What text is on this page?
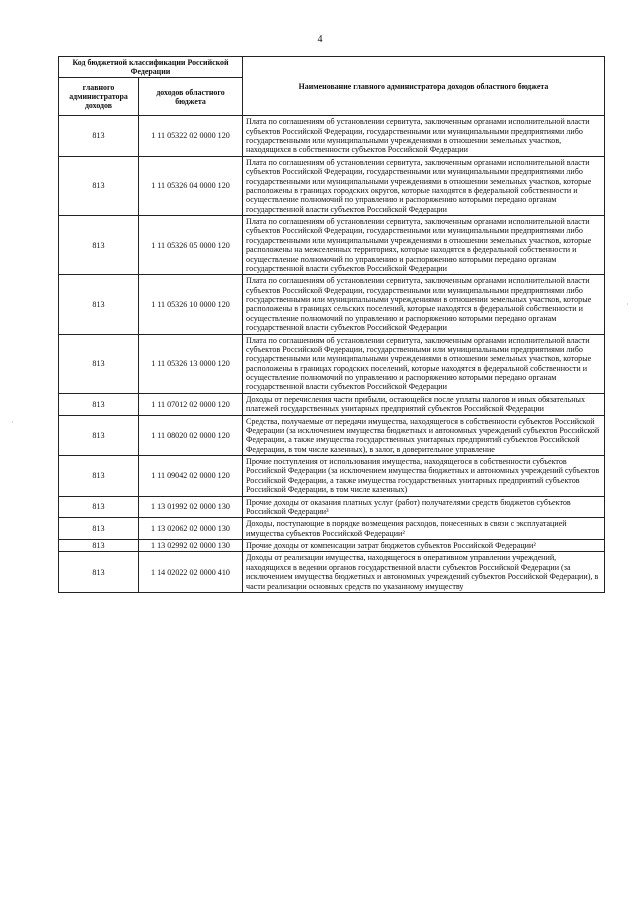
4
·
·
Код бюджетной классификации Российской Федерации		Наименование главного администратора доходов областного бюджета
главного администратора доходов	доходов областного бюджета	
813	1 11 05322 02 0000 120	Плата по соглашениям об установлении сервитута, заключенным органами исполнительной власти субъектов Российской Федерации, государственными или муниципальными предприятиями либо государственными или муниципальными учреждениями в отношении земельных участков, находящихся в собственности субъектов Российской Федерации
813	1 11 05326 04 0000 120	Плата по соглашениям об установлении сервитута, заключенным органами исполнительной власти субъектов Российской Федерации, государственными или муниципальными предприятиями либо государственными или муниципальными учреждениями в отношении земельных участков, которые расположены в границах городских округов, которые находятся в федеральной собственности и осуществление полномочий по управлению и распоряжению которыми передано органам государственной власти субъектов Российской Федерации
813	1 11 05326 05 0000 120	Плата по соглашениям об установлении сервитута, заключенным органами исполнительной власти субъектов Российской Федерации, государственными или муниципальными предприятиями либо государственными или муниципальными учреждениями в отношении земельных участков, которые расположены на межселенных территориях, которые находятся в федеральной собственности и осуществление полномочий по управлению и распоряжению которыми передано органам государственной власти субъектов Российской Федерации
813	1 11 05326 10 0000 120	Плата по соглашениям об установлении сервитута, заключенным органами исполнительной власти субъектов Российской Федерации, государственными или муниципальными предприятиями либо государственными или муниципальными учреждениями в отношении земельных участков, которые расположены в границах сельских поселений, которые находятся в федеральной собственности и осуществление полномочий по управлению и распоряжению которыми передано органам государственной власти субъектов Российской Федерации
813	1 11 05326 13 0000 120	Плата по соглашениям об установлении сервитута, заключенным органами исполнительной власти субъектов Российской Федерации, государственными или муниципальными предприятиями либо государственными или муниципальными учреждениями в отношении земельных участков, которые расположены в границах городских поселений, которые находятся в федеральной собственности и осуществление полномочий по управлению и распоряжению которыми передано органам государственной власти субъектов Российской Федерации
813	1 11 07012 02 0000 120	Доходы от перечисления части прибыли, остающейся после уплаты налогов и иных обязательных платежей государственных унитарных предприятий субъектов Российской Федерации
813	1 11 08020 02 0000 120	Средства, получаемые от передачи имущества, находящегося в собственности субъектов Российской Федерации (за исключением имущества бюджетных и автономных учреждений субъектов Российской Федерации, а также имущества государственных унитарных предприятий субъектов Российской Федерации, в том числе казенных), в залог, в доверительное управление
813	1 11 09042 02 0000 120	Прочие поступления от использования имущества, находящегося в собственности субъектов Российской Федерации (за исключением имущества бюджетных и автономных учреждений субъектов Российской Федерации, а также имущества государственных унитарных предприятий субъектов Российской Федерации, в том числе казенных)
813	1 13 01992 02 0000 130	Прочие доходы от оказания платных услуг (работ) получателями средств бюджетов субъектов Российской Федерации³
813	1 13 02062 02 0000 130	Доходы, поступающие в порядке возмещения расходов, понесенных в связи с эксплуатацией имущества субъектов Российской Федерации²
813	1 13 02992 02 0000 130	Прочие доходы от компенсации затрат бюджетов субъектов Российской Федерации²
813	1 14 02022 02 0000 410	Доходы от реализации имущества, находящегося в оперативном управлении учреждений, находящихся в ведении органов государственной власти субъектов Российской Федерации (за исключением имущества бюджетных и автономных учреждений субъектов Российской Федерации), в части реализации основных средств по указанному имуществу
